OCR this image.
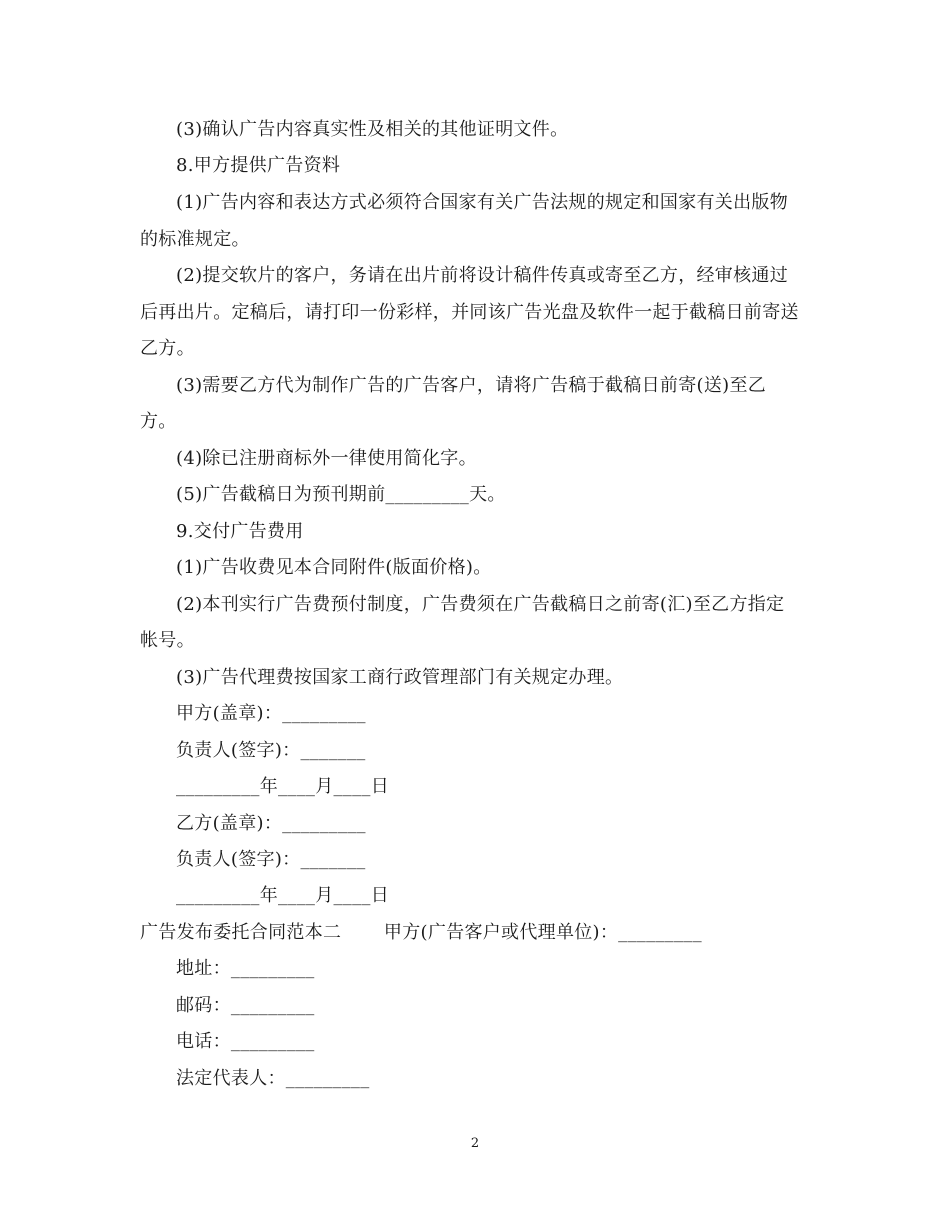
(3)确认广告内容真实性及相关的其他证明文件。
8.甲方提供广告资料
(1)广告内容和表达方式必须符合国家有关广告法规的规定和国家有关出版物
的标准规定。
(2)提交软片的客户，务请在出片前将设计稿件传真或寄至乙方，经审核通过
后再出片。定稿后，请打印一份彩样，并同该广告光盘及软件一起于截稿日前寄送
乙方。
(3)需要乙方代为制作广告的广告客户，请将广告稿于截稿日前寄(送)至乙
方。
(4)除已注册商标外一律使用简化字。
(5)广告截稿日为预刊期前_________天。
9.交付广告费用
(1)广告收费见本合同附件(版面价格)。
(2)本刊实行广告费预付制度，广告费须在广告截稿日之前寄(汇)至乙方指定
帐号。
(3)广告代理费按国家工商行政管理部门有关规定办理。
甲方(盖章)：_________
负责人(签字)：_______
_________年____月____日
乙方(盖章)：_________
负责人(签字)：_______
_________年____月____日
广告发布委托合同范本二　　 甲方(广告客户或代理单位)：_________
地址：_________
邮码：_________
电话：_________
法定代表人：_________
2
